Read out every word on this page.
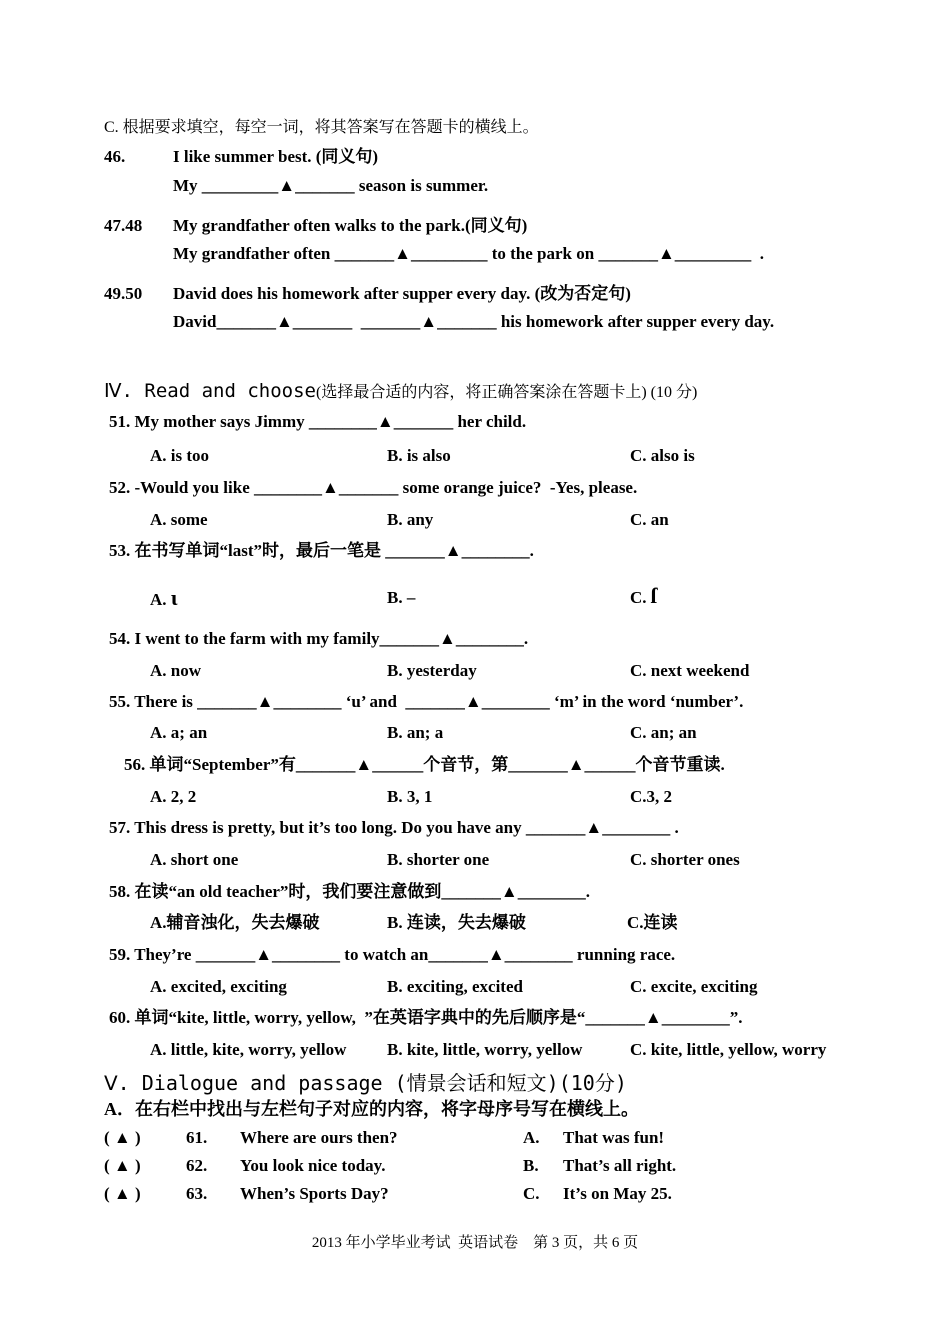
C. 根据要求填空，每空一词，将其答案写在答题卡的横线上。
46.	I like summer best. (同义句)
My _________▲_______ season is summer.
47.48 My grandfather often walks to the park.(同义句)
My grandfather often _______▲_________ to the park on _______▲_________  .
49.50 David does his homework after supper every day. (改为否定句)
David_______▲_______  _______▲_______ his homework after supper every day.
Ⅳ. Read and choose(选择最合适的内容，将正确答案涂在答题卡上) (10 分)
51. My mother says Jimmy ________▲_______ her child.
A. is too	B. is also	C. also is
52. -Would you like ________▲_______ some orange juice?  -Yes, please.
A. some	B. any	C. an
53. 在书写单词“last”时，最后一笔是 _______▲________.
A. ι	B. –	C. ſ
54. I went to the farm with my family_______▲________.
A. now	B. yesterday	C. next weekend
55. There is _______▲________ ‘u’ and  _______▲________ ‘m’ in the word ‘number’.
A. a; an	B. an; a	C. an; an
56. 单词“September”有_______▲______个音节，第_______▲______个音节重读.
A. 2, 2	B. 3, 1	C.3, 2
57. This dress is pretty, but it’s too long. Do you have any _______▲________ .
A. short one	B. shorter one	C. shorter ones
58. 在读“an old teacher”时，我们要注意做到_______▲________.
A.辅音浊化，失去爆破	B. 连读，失去爆破	C.连读
59. They’re _______▲________ to watch an_______▲________ running race.
A. excited, exciting	B. exciting, excited	C. excite, exciting
60. 单词“kite, little, worry, yellow,  ”在英语字典中的先后顺序是“_______▲________”.
A. little, kite, worry, yellow B. kite, little, worry, yellow	C. kite, little, yellow, worry
Ⅴ. Dialogue and passage (情景会话和短文)(10分)
A．在右栏中找出与左栏句子对应的内容，将字母序号写在横线上。
( ▲ )	61. Where are ours then?	A. That was fun!
( ▲ )	62. You look nice today.	B. That’s all right.
( ▲ )	63. When’s Sports Day?	C. It’s on May 25.
2013 年小学毕业考试  英语试卷    第 3 页，共 6 页
